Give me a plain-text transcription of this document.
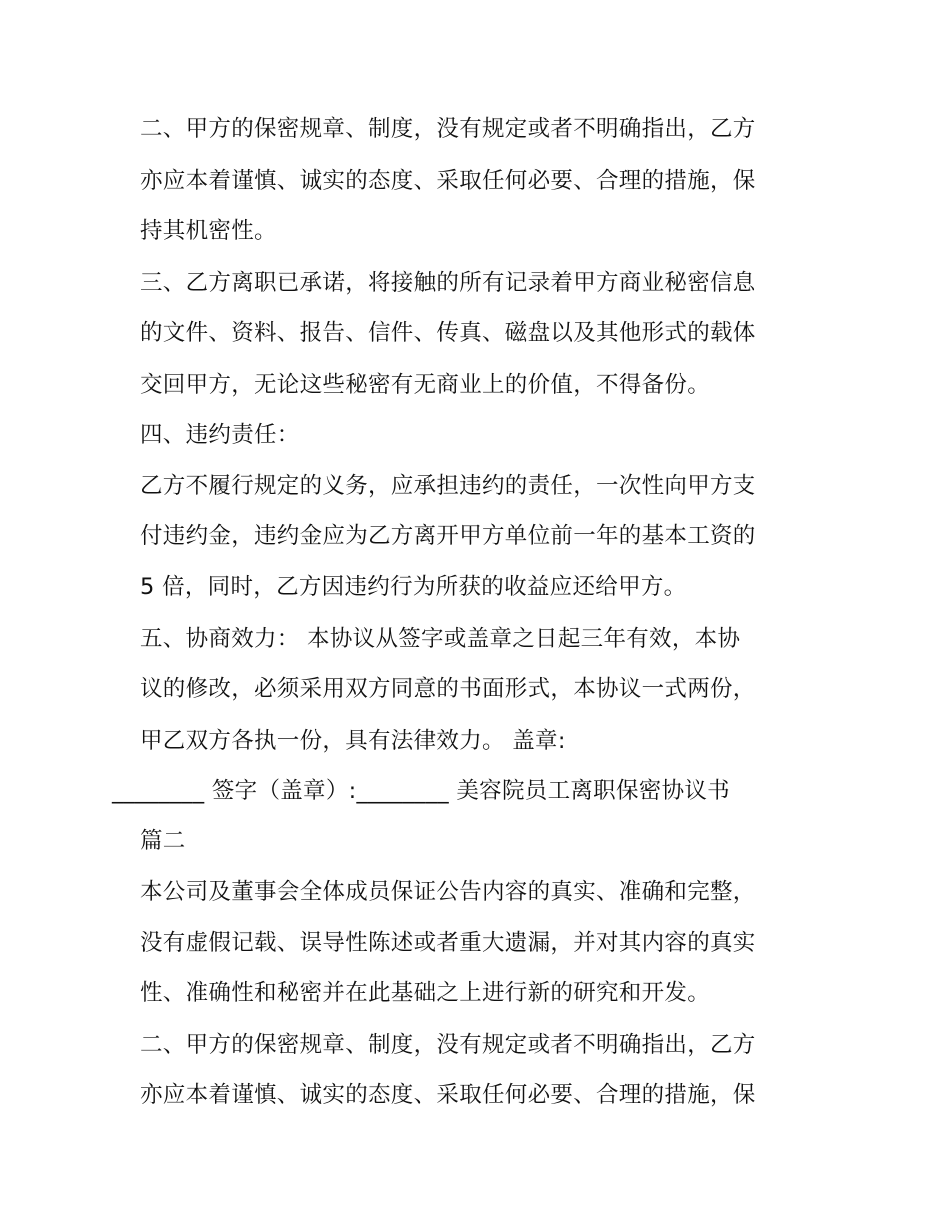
二、甲方的保密规章、制度，没有规定或者不明确指出，乙方
亦应本着谨慎、诚实的态度、采取任何必要、合理的措施，保
持其机密性。
三、乙方离职已承诺，将接触的所有记录着甲方商业秘密信息
的文件、资料、报告、信件、传真、磁盘以及其他形式的载体
交回甲方，无论这些秘密有无商业上的价值，不得备份。
四、违约责任：
乙方不履行规定的义务，应承担违约的责任，一次性向甲方支
付违约金，违约金应为乙方离开甲方单位前一年的基本工资的
5 倍，同时，乙方因违约行为所获的收益应还给甲方。
五、协商效力： 本协议从签字或盖章之日起三年有效，本协
议的修改，必须采用双方同意的书面形式，本协议一式两份，
甲乙双方各执一份，具有法律效力。 盖章:
________ 签字（盖章）:________ 美容院员工离职保密协议书
篇二
本公司及董事会全体成员保证公告内容的真实、准确和完整，
没有虚假记载、误导性陈述或者重大遗漏，并对其内容的真实
性、准确性和秘密并在此基础之上进行新的研究和开发。
二、甲方的保密规章、制度，没有规定或者不明确指出，乙方
亦应本着谨慎、诚实的态度、采取任何必要、合理的措施，保
